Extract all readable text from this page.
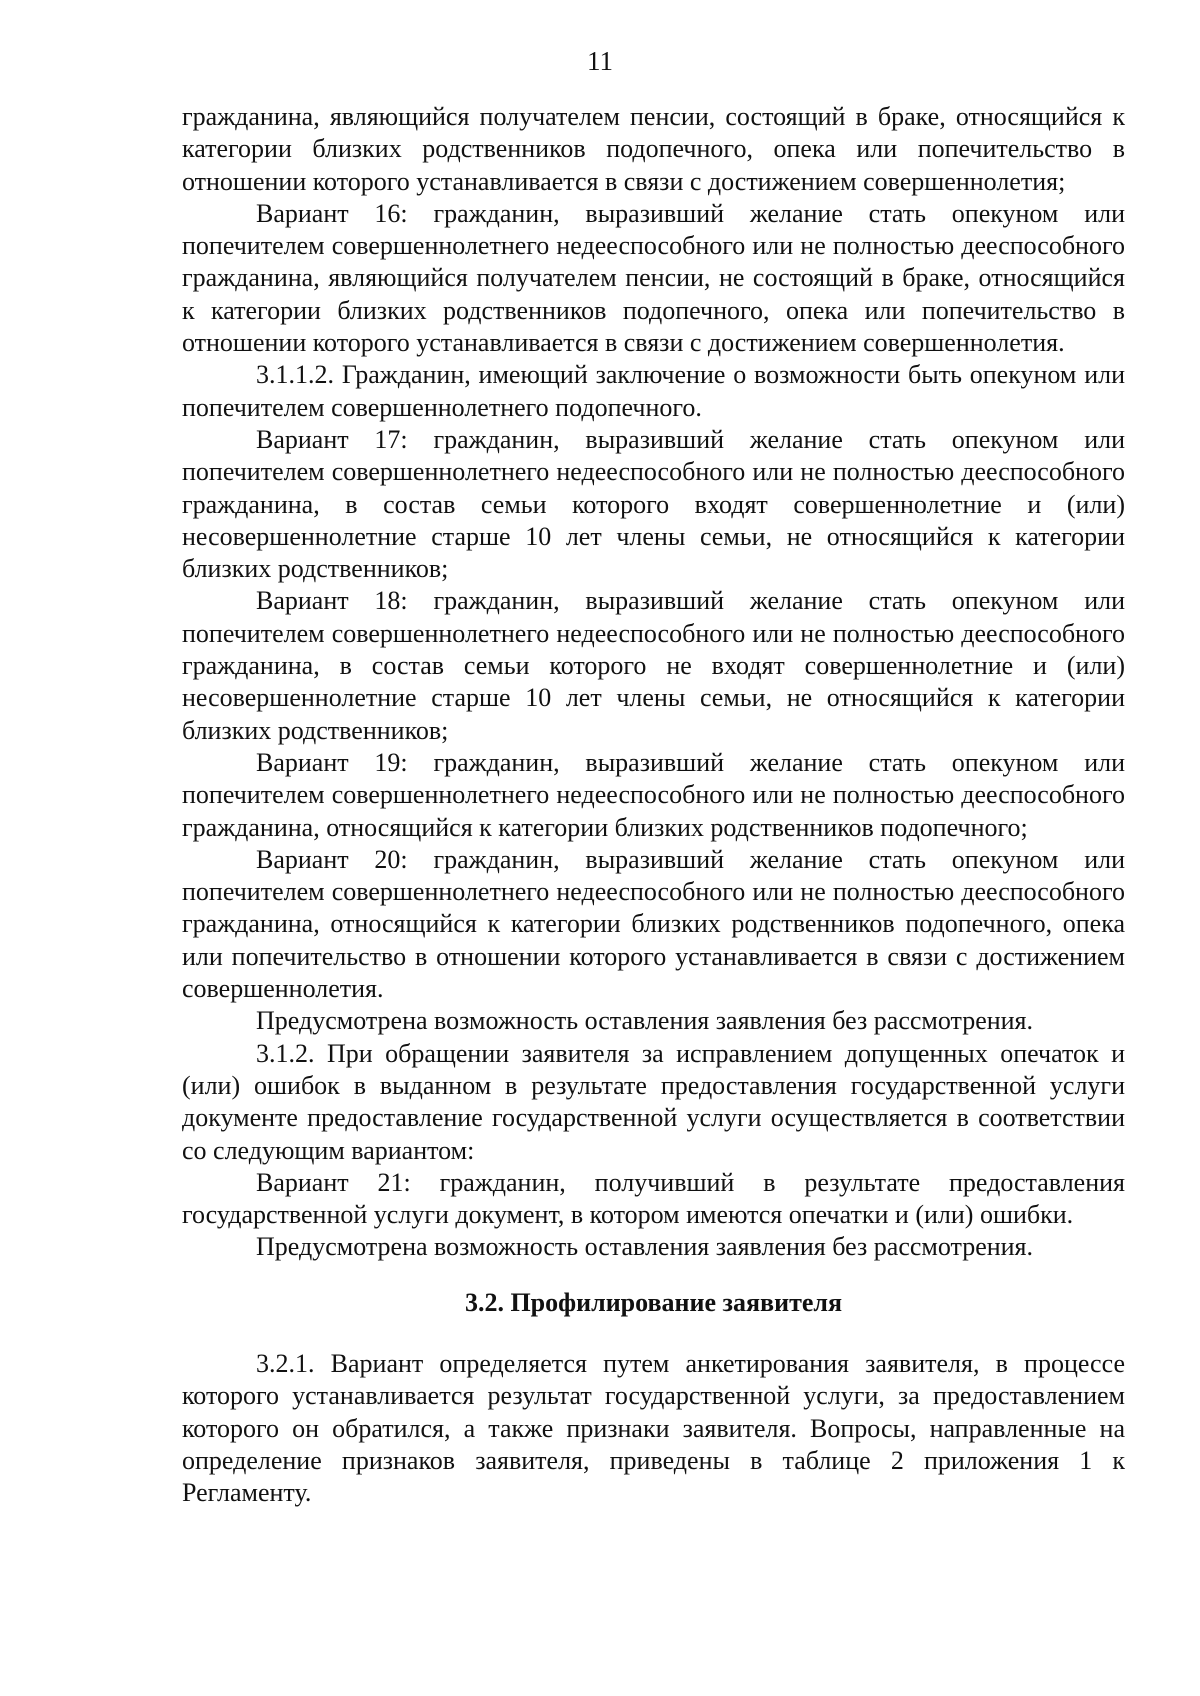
11

гражданина, являющийся получателем пенсии, состоящий в браке, относящийся к категории близких родственников подопечного, опека или попечительство в отношении которого устанавливается в связи с достижением совершеннолетия;

Вариант 16: гражданин, выразивший желание стать опекуном или попечителем совершеннолетнего недееспособного или не полностью дееспособного гражданина, являющийся получателем пенсии, не состоящий в браке, относящийся к категории близких родственников подопечного, опека или попечительство в отношении которого устанавливается в связи с достижением совершеннолетия.

3.1.1.2. Гражданин, имеющий заключение о возможности быть опекуном или попечителем совершеннолетнего подопечного.

Вариант 17: гражданин, выразивший желание стать опекуном или попечителем совершеннолетнего недееспособного или не полностью дееспособного гражданина, в состав семьи которого входят совершеннолетние и (или) несовершеннолетние старше 10 лет члены семьи, не относящийся к категории близких родственников;

Вариант 18: гражданин, выразивший желание стать опекуном или попечителем совершеннолетнего недееспособного или не полностью дееспособного гражданина, в состав семьи которого не входят совершеннолетние и (или) несовершеннолетние старше 10 лет члены семьи, не относящийся к категории близких родственников;

Вариант 19: гражданин, выразивший желание стать опекуном или попечителем совершеннолетнего недееспособного или не полностью дееспособного гражданина, относящийся к категории близких родственников подопечного;

Вариант 20: гражданин, выразивший желание стать опекуном или попечителем совершеннолетнего недееспособного или не полностью дееспособного гражданина, относящийся к категории близких родственников подопечного, опека или попечительство в отношении которого устанавливается в связи с достижением совершеннолетия.

Предусмотрена возможность оставления заявления без рассмотрения.

3.1.2. При обращении заявителя за исправлением допущенных опечаток и (или) ошибок в выданном в результате предоставления государственной услуги документе предоставление государственной услуги осуществляется в соответствии со следующим вариантом:

Вариант 21: гражданин, получивший в результате предоставления государственной услуги документ, в котором имеются опечатки и (или) ошибки.

Предусмотрена возможность оставления заявления без рассмотрения.

3.2. Профилирование заявителя

3.2.1. Вариант определяется путем анкетирования заявителя, в процессе которого устанавливается результат государственной услуги, за предоставлением которого он обратился, а также признаки заявителя. Вопросы, направленные на определение признаков заявителя, приведены в таблице 2 приложения 1 к Регламенту.
